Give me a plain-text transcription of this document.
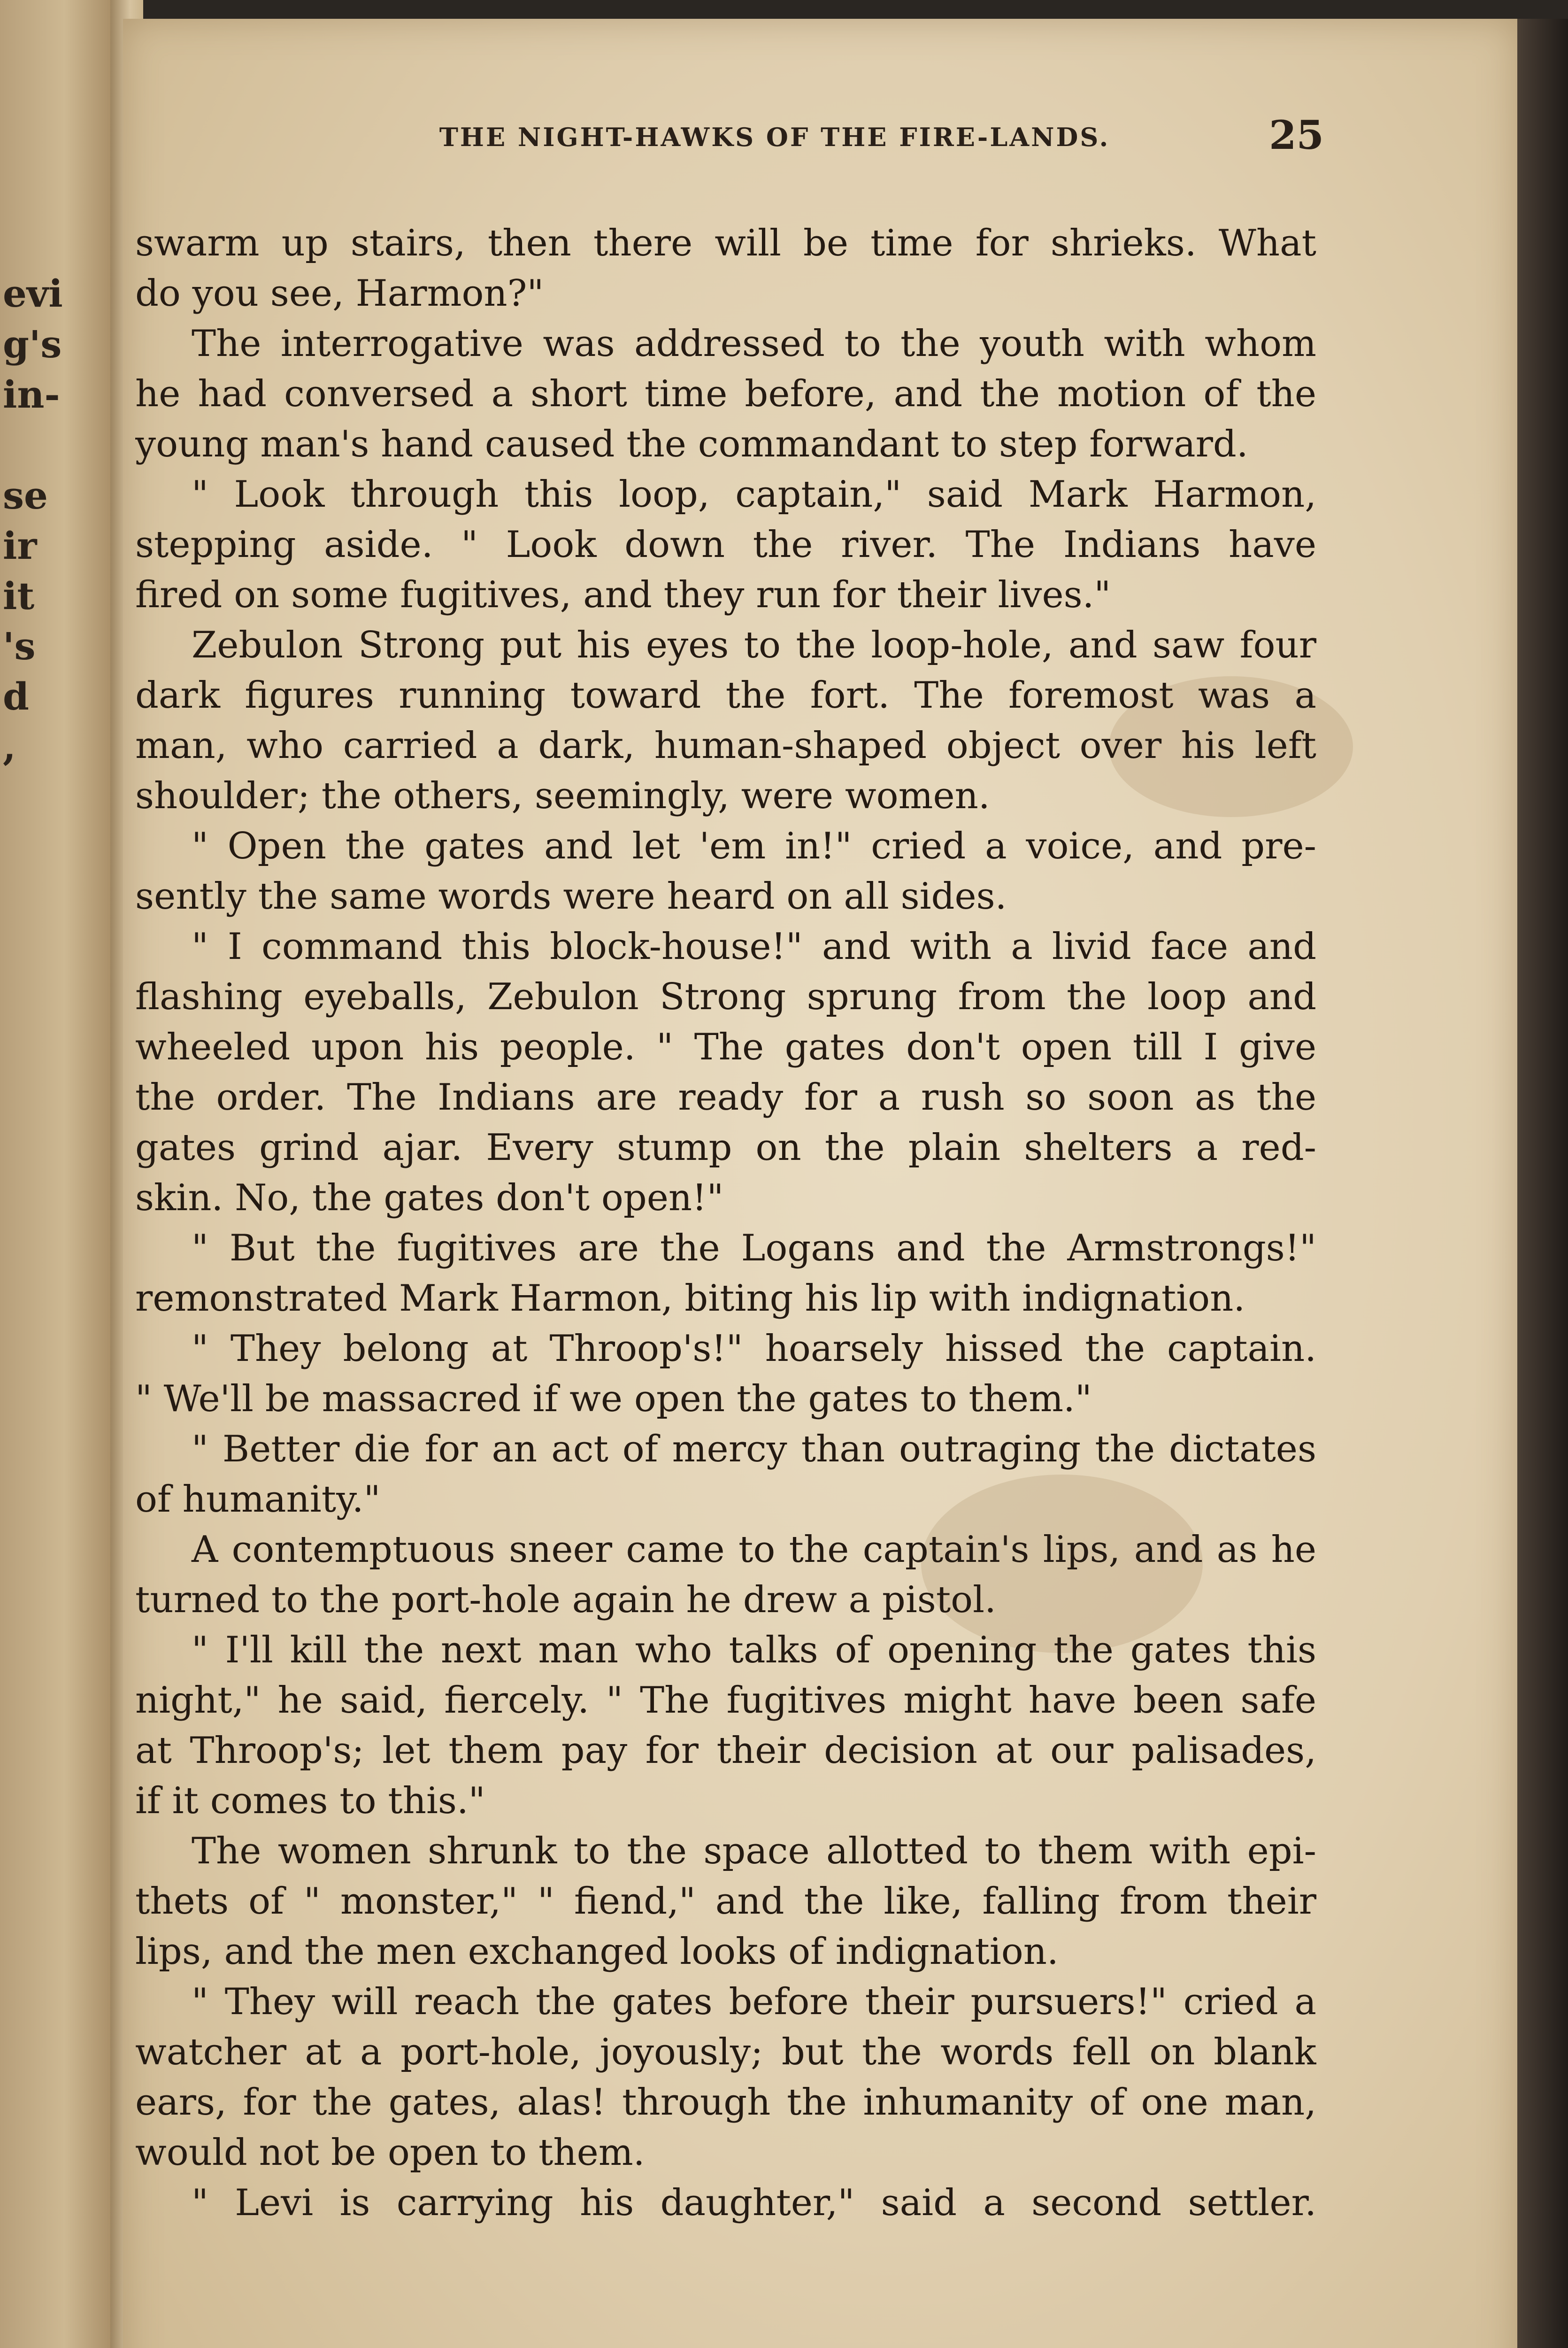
evi
g's
in-
se
ir
it
's
d
,
THE NIGHT-HAWKS OF THE FIRE-LANDS.	25
swarm up stairs, then there will be time for shrieks. What
do you see, Harmon?"
The interrogative was addressed to the youth with whom
he had conversed a short time before, and the motion of the
young man's hand caused the commandant to step forward.
" Look through this loop, captain," said Mark Harmon,
stepping aside. " Look down the river. The Indians have
fired on some fugitives, and they run for their lives."
Zebulon Strong put his eyes to the loop-hole, and saw four
dark figures running toward the fort. The foremost was a
man, who carried a dark, human-shaped object over his left
shoulder; the others, seemingly, were women.
" Open the gates and let 'em in!" cried a voice, and pre-
sently the same words were heard on all sides.
" I command this block-house!" and with a livid face and
flashing eyeballs, Zebulon Strong sprung from the loop and
wheeled upon his people. " The gates don't open till I give
the order. The Indians are ready for a rush so soon as the
gates grind ajar. Every stump on the plain shelters a red-
skin. No, the gates don't open!"
" But the fugitives are the Logans and the Armstrongs!"
remonstrated Mark Harmon, biting his lip with indignation.
" They belong at Throop's!" hoarsely hissed the captain.
" We'll be massacred if we open the gates to them."
" Better die for an act of mercy than outraging the dictates
of humanity."
A contemptuous sneer came to the captain's lips, and as he
turned to the port-hole again he drew a pistol.
" I'll kill the next man who talks of opening the gates this
night," he said, fiercely. " The fugitives might have been safe
at Throop's; let them pay for their decision at our palisades,
if it comes to this."
The women shrunk to the space allotted to them with epi-
thets of " monster," " fiend," and the like, falling from their
lips, and the men exchanged looks of indignation.
" They will reach the gates before their pursuers!" cried a
watcher at a port-hole, joyously; but the words fell on blank
ears, for the gates, alas! through the inhumanity of one man,
would not be open to them.
" Levi is carrying his daughter," said a second settler.
